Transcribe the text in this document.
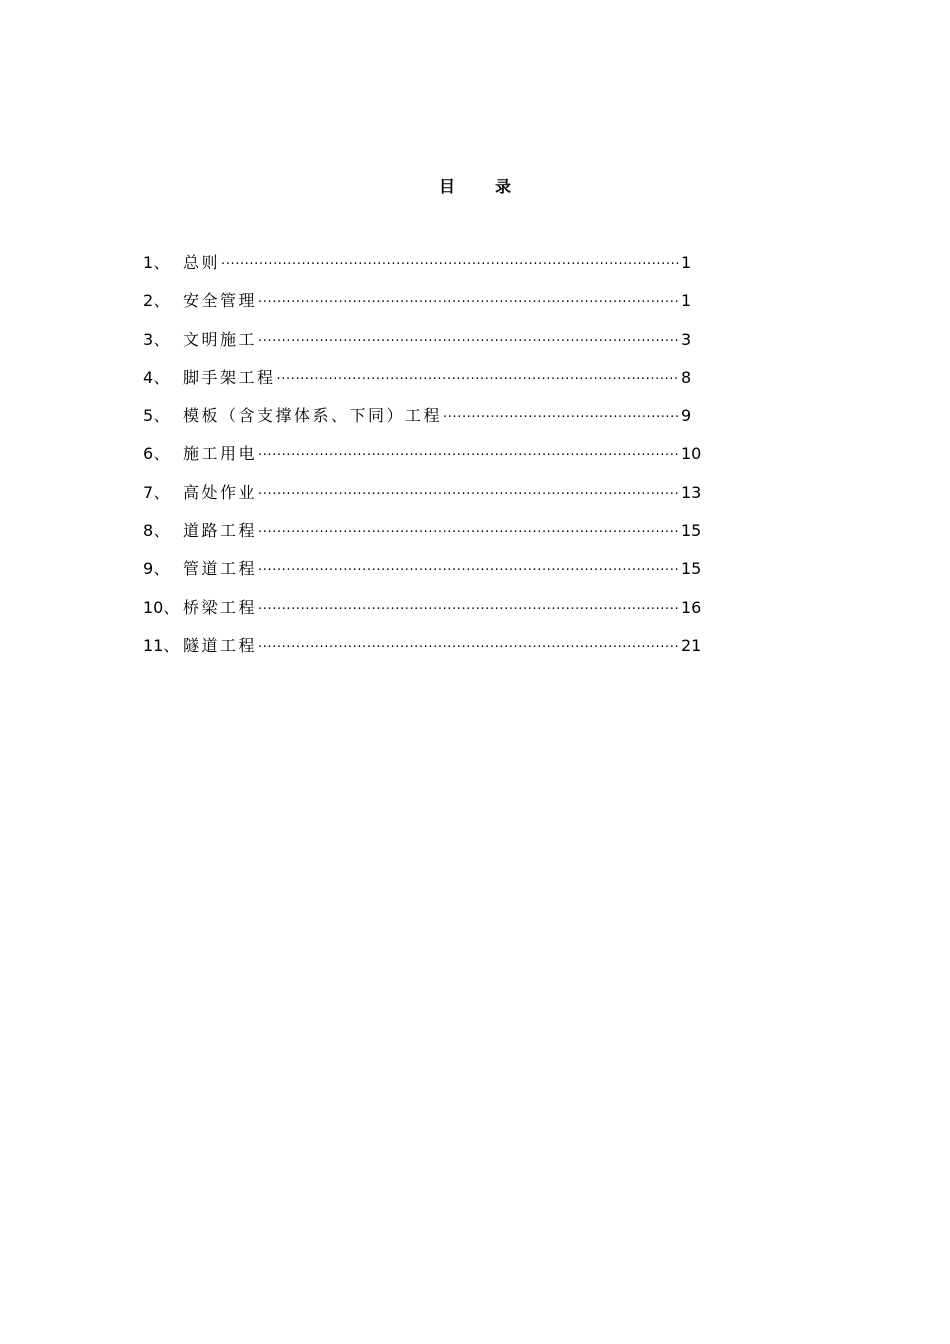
目录
1、 总则 ·····	1
2、 安全管理 ·····	1
3、 文明施工 ·····	3
4、 脚手架工程 ·····	8
5、 模板（含支撑体系、下同）工程 ·····	9
6、 施工用电 ·····	10
7、 高处作业 ·····	13
8、 道路工程 ·····	15
9、 管道工程 ·····	15
10、 桥梁工程 ·····	16
11、 隧道工程 ·····	21
